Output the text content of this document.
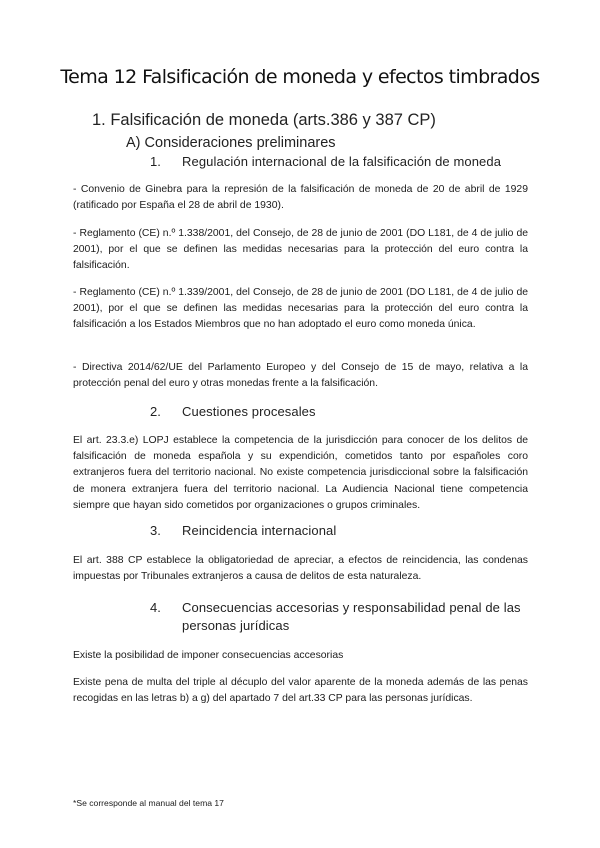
Tema 12 Falsificación de moneda y efectos timbrados
1. Falsificación de moneda (arts.386 y 387 CP)
A) Consideraciones preliminares
1. Regulación internacional de la falsificación de moneda

- Convenio de Ginebra para la represión de la falsificación de moneda de 20 de abril de 1929 (ratificado por España el 28 de abril de 1930).

- Reglamento (CE) n.º 1.338/2001, del Consejo, de 28 de junio de 2001 (DO L181, de 4 de julio de 2001), por el que se definen las medidas necesarias para la protección del euro contra la falsificación.

- Reglamento (CE) n.º 1.339/2001, del Consejo, de 28 de junio de 2001 (DO L181, de 4 de julio de 2001), por el que se definen las medidas necesarias para la protección del euro contra la falsificación a los Estados Miembros que no han adoptado el euro como moneda única.

- Directiva 2014/62/UE del Parlamento Europeo y del Consejo de 15 de mayo, relativa a la protección penal del euro y otras monedas frente a la falsificación.

2. Cuestiones procesales

El art. 23.3.e) LOPJ establece la competencia de la jurisdicción para conocer de los delitos de falsificación de moneda española y su expendición, cometidos tanto por españoles coro extranjeros fuera del territorio nacional. No existe competencia jurisdiccional sobre la falsificación de monera extranjera fuera del territorio nacional. La Audiencia Nacional tiene competencia siempre que hayan sido cometidos por organizaciones o grupos criminales.

3. Reincidencia internacional

El art. 388 CP establece la obligatoriedad de apreciar, a efectos de reincidencia, las condenas impuestas por Tribunales extranjeros a causa de delitos de esta naturaleza.

4. Consecuencias accesorias y responsabilidad penal de las
personas jurídicas

Existe la posibilidad de imponer consecuencias accesorias

Existe pena de multa del triple al décuplo del valor aparente de la moneda además de las penas recogidas en las letras b) a g) del apartado 7 del art.33 CP para las personas jurídicas.

*Se corresponde al manual del tema 17
